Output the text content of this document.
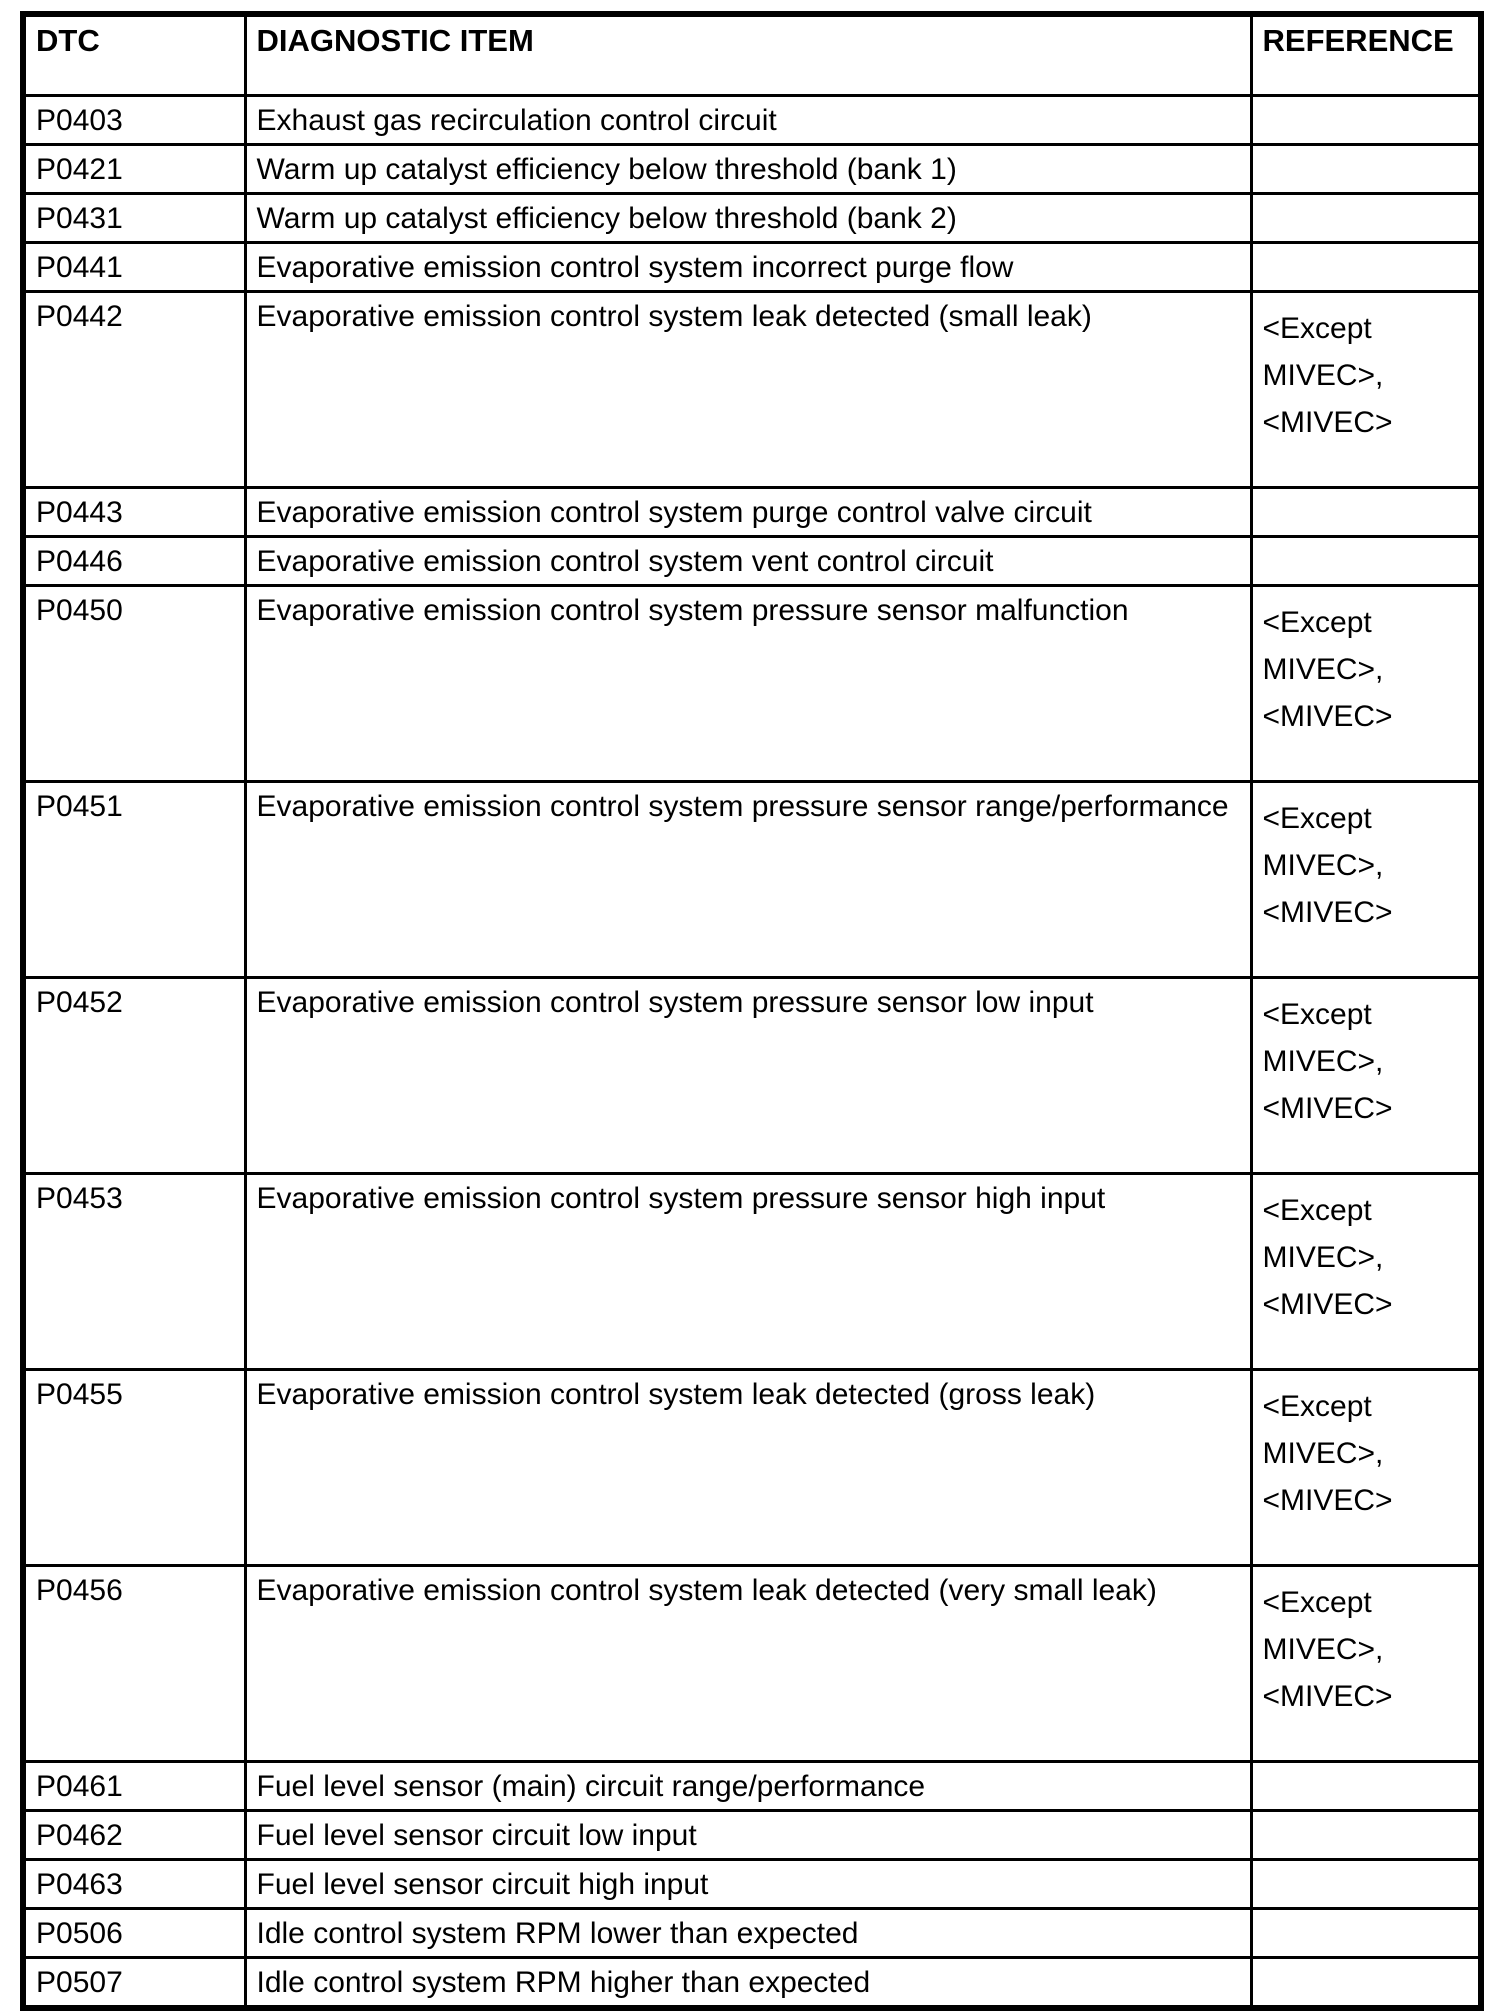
DTC	DIAGNOSTIC ITEM	REFERENCE
P0403	Exhaust gas recirculation control circuit	
P0421	Warm up catalyst efficiency below threshold (bank 1)	
P0431	Warm up catalyst efficiency below threshold (bank 2)	
P0441	Evaporative emission control system incorrect purge flow	
P0442	Evaporative emission control system leak detected (small leak)	<Except MIVEC>, <MIVEC>
P0443	Evaporative emission control system purge control valve circuit	
P0446	Evaporative emission control system vent control circuit	
P0450	Evaporative emission control system pressure sensor malfunction	<Except MIVEC>, <MIVEC>
P0451	Evaporative emission control system pressure sensor range/performance	<Except MIVEC>, <MIVEC>
P0452	Evaporative emission control system pressure sensor low input	<Except MIVEC>, <MIVEC>
P0453	Evaporative emission control system pressure sensor high input	<Except MIVEC>, <MIVEC>
P0455	Evaporative emission control system leak detected (gross leak)	<Except MIVEC>, <MIVEC>
P0456	Evaporative emission control system leak detected (very small leak)	<Except MIVEC>, <MIVEC>
P0461	Fuel level sensor (main) circuit range/performance	
P0462	Fuel level sensor circuit low input	
P0463	Fuel level sensor circuit high input	
P0506	Idle control system RPM lower than expected	
P0507	Idle control system RPM higher than expected	
